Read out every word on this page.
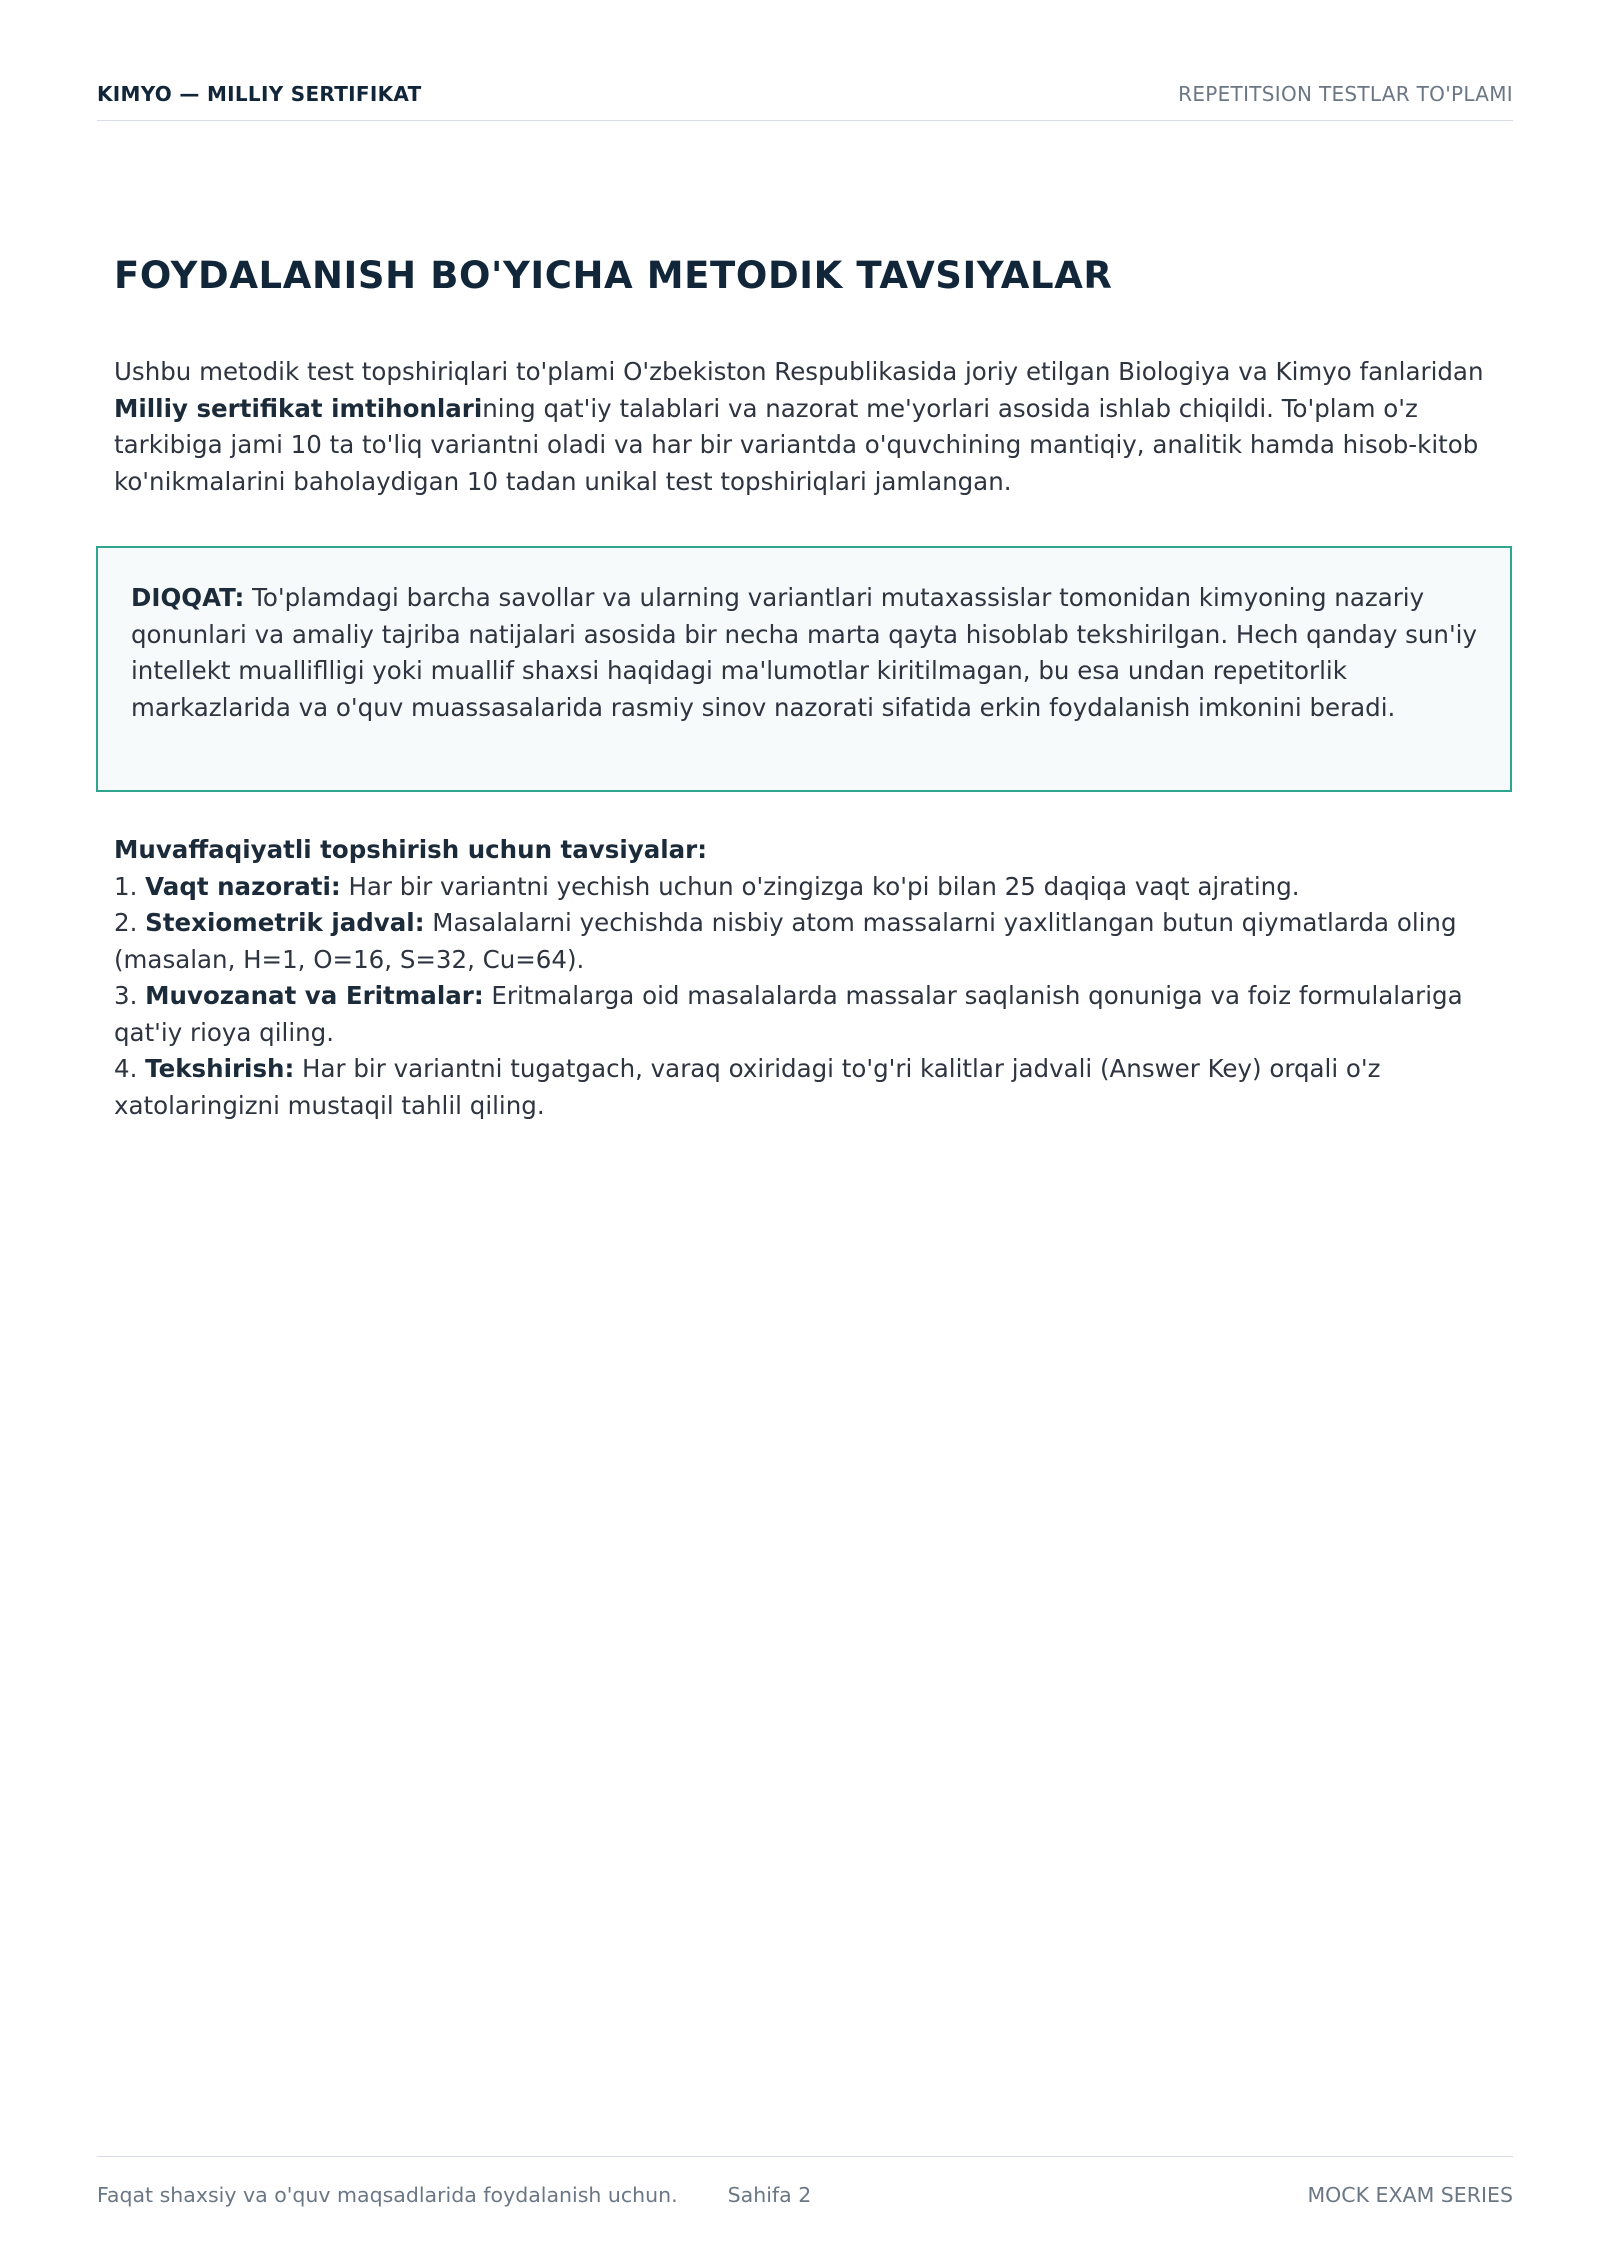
KIMYO — MILLIY SERTIFIKAT	REPETITSION TESTLAR TO'PLAMI
FOYDALANISH BO'YICHA METODIK TAVSIYALAR

Ushbu metodik test topshiriqlari to'plami O'zbekiston Respublikasida joriy etilgan Biologiya va Kimyo fanlaridan Milliy sertifikat imtihonlarining qat'iy talablari va nazorat me'yorlari asosida ishlab chiqildi. To'plam o'z tarkibiga jami 10 ta to'liq variantni oladi va har bir variantda o'quvchining mantiqiy, analitik hamda hisob-kitob ko'nikmalarini baholaydigan 10 tadan unikal test topshiriqlari jamlangan.

DIQQAT: To'plamdagi barcha savollar va ularning variantlari mutaxassislar tomonidan kimyoning nazariy qonunlari va amaliy tajriba natijalari asosida bir necha marta qayta hisoblab tekshirilgan. Hech qanday sun'iy intellekt mualliflligi yoki muallif shaxsi haqidagi ma'lumotlar kiritilmagan, bu esa undan repetitorlik markazlarida va o'quv muassasalarida rasmiy sinov nazorati sifatida erkin foydalanish imkonini beradi.

Muvaffaqiyatli topshirish uchun tavsiyalar:
1. Vaqt nazorati: Har bir variantni yechish uchun o'zingizga ko'pi bilan 25 daqiqa vaqt ajrating.
2. Stexiometrik jadval: Masalalarni yechishda nisbiy atom massalarni yaxlitlangan butun qiymatlarda oling (masalan, H=1, O=16, S=32, Cu=64).
3. Muvozanat va Eritmalar: Eritmalarga oid masalalarda massalar saqlanish qonuniga va foiz formulalariga qat'iy rioya qiling.
4. Tekshirish: Har bir variantni tugatgach, varaq oxiridagi to'g'ri kalitlar jadvali (Answer Key) orqali o'z xatolaringizni mustaqil tahlil qiling.
Faqat shaxsiy va o'quv maqsadlarida foydalanish uchun. Sahifa 2	MOCK EXAM SERIES
